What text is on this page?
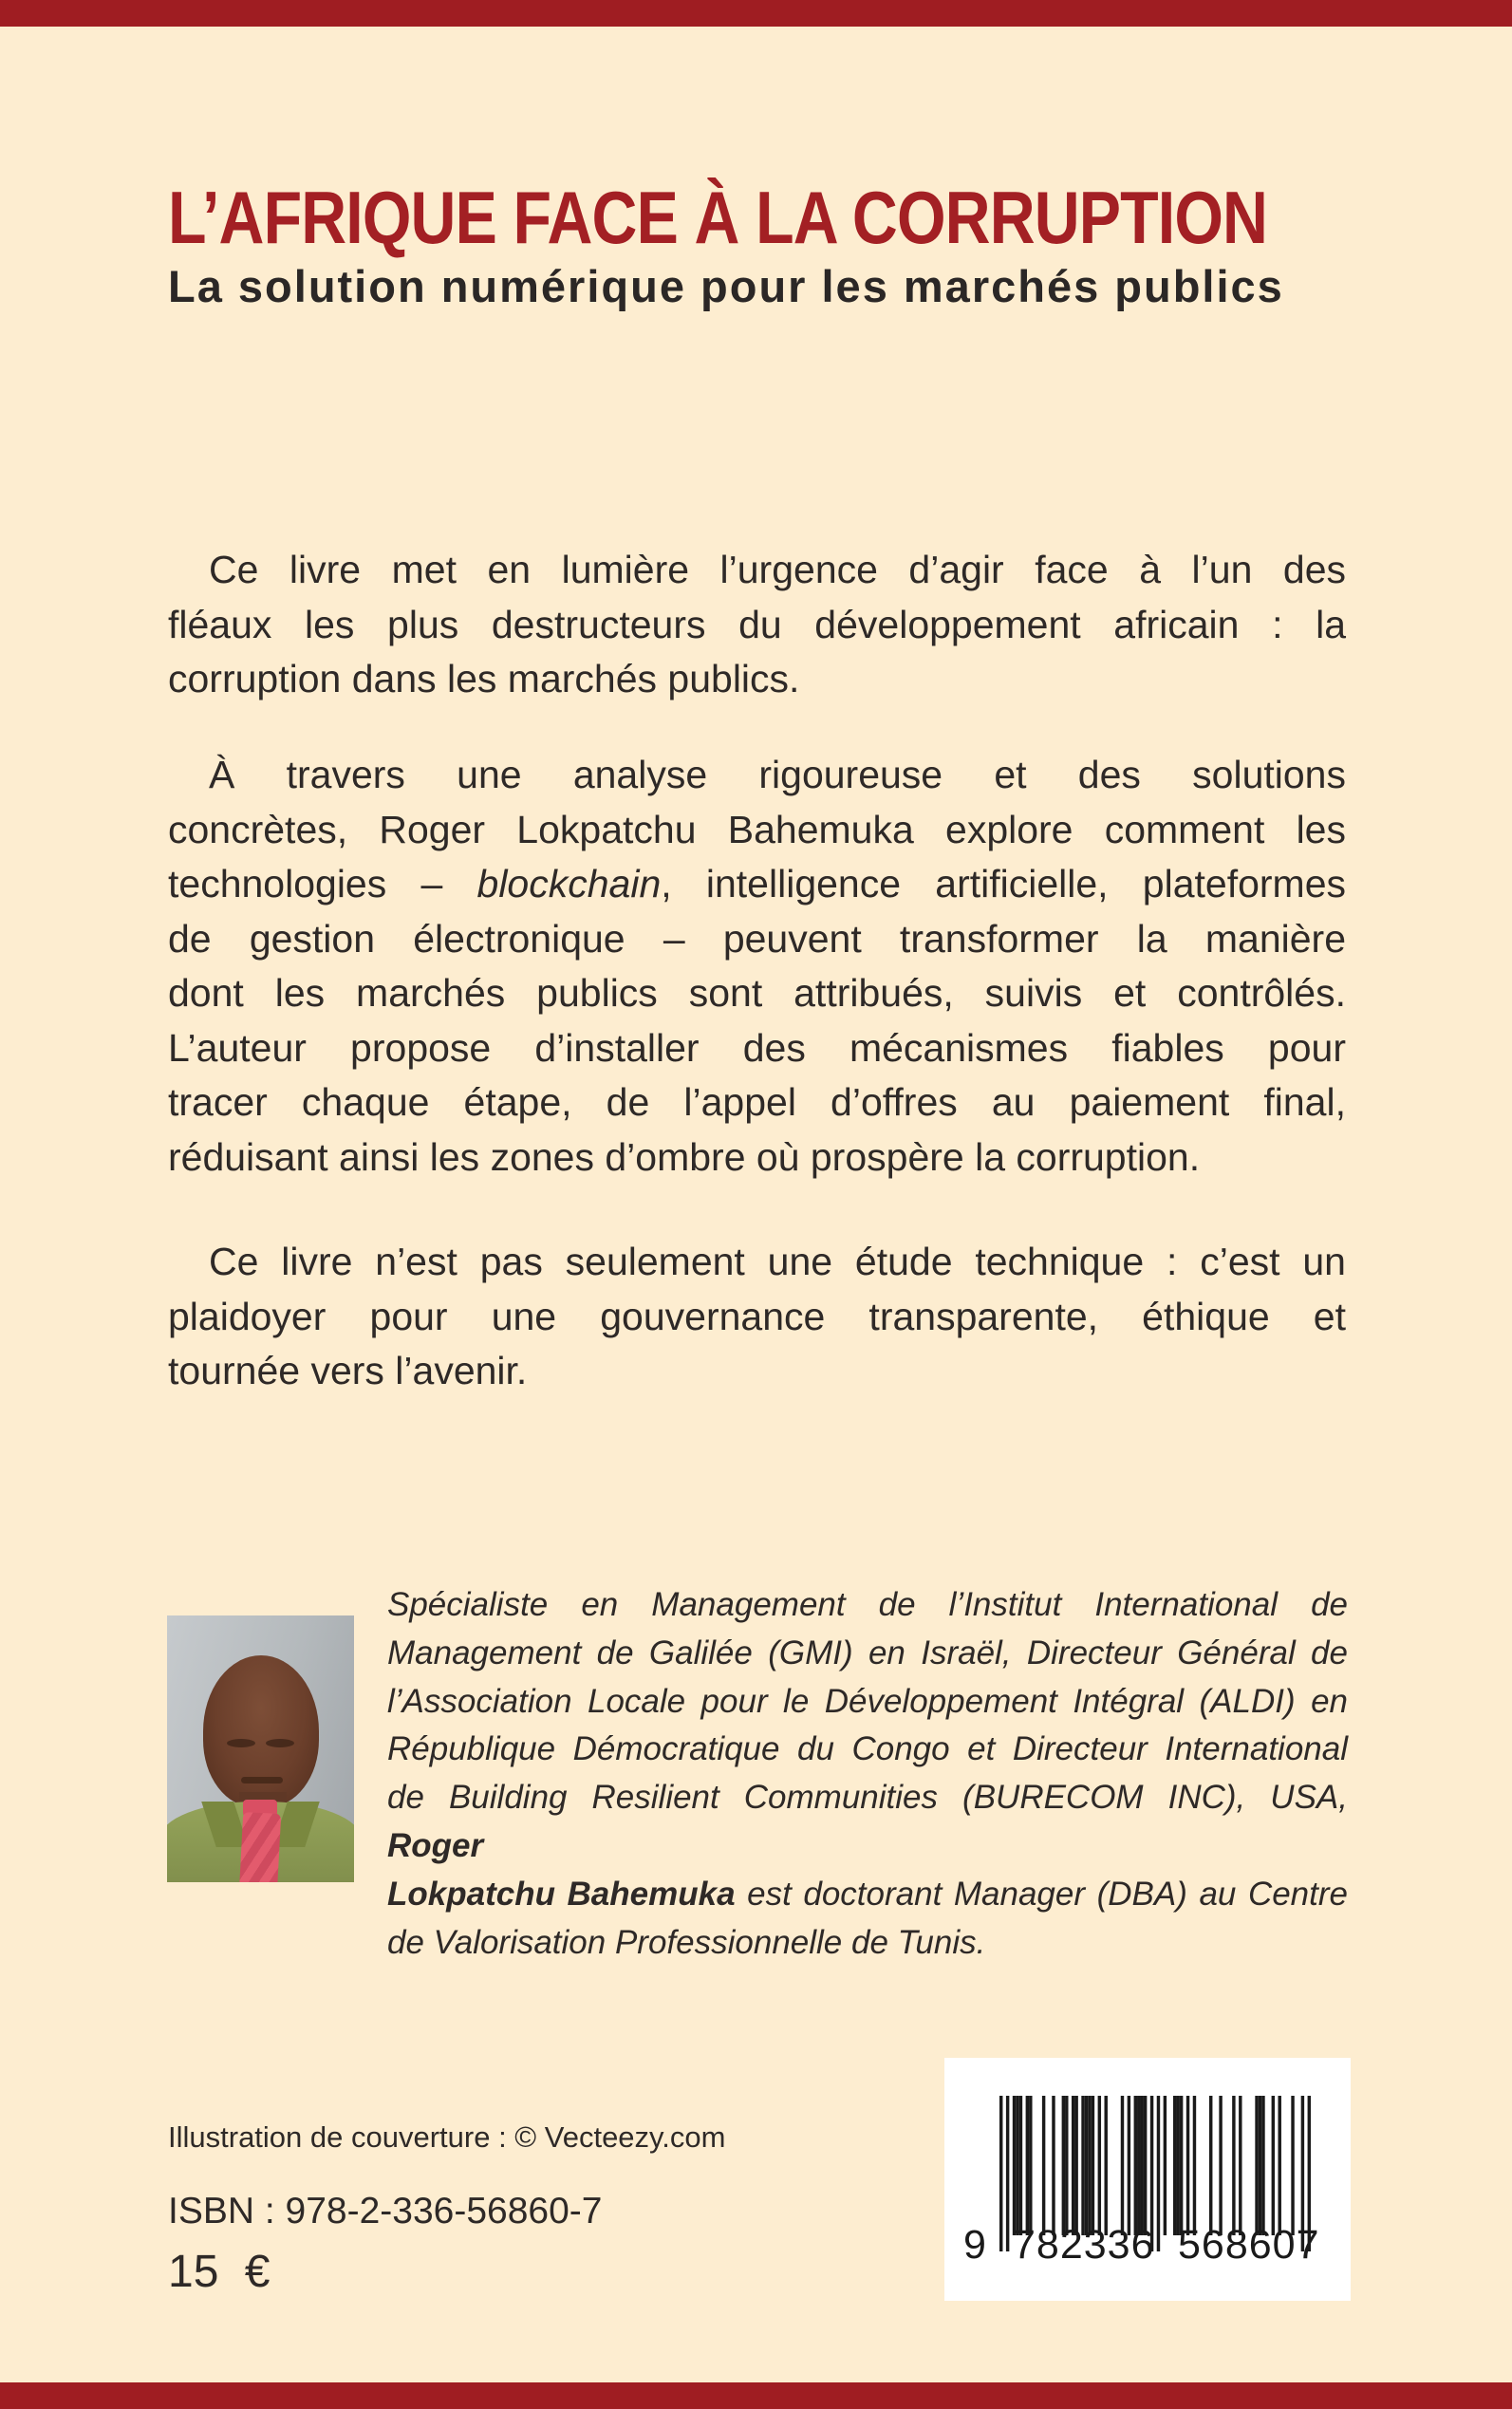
L’AFRIQUE FACE À LA CORRUPTION
La solution numérique pour les marchés publics
Ce livre met en lumière l’urgence d’agir face à l’un des
fléaux les plus destructeurs du développement africain : la
corruption dans les marchés publics.
À travers une analyse rigoureuse et des solutions
concrètes, Roger Lokpatchu Bahemuka explore comment les
technologies – blockchain, intelligence artificielle, plateformes
de gestion électronique – peuvent transformer la manière
dont les marchés publics sont attribués, suivis et contrôlés.
L’auteur propose d’installer des mécanismes fiables pour
tracer chaque étape, de l’appel d’offres au paiement final,
réduisant ainsi les zones d’ombre où prospère la corruption.
Ce livre n’est pas seulement une étude technique : c’est un
plaidoyer pour une gouvernance transparente, éthique et
tournée vers l’avenir.
Spécialiste en Management de l’Institut International de
Management de Galilée (GMI) en Israël, Directeur Général de
l’Association Locale pour le Développement Intégral (ALDI) en
République Démocratique du Congo et Directeur International
de Building Resilient Communities (BURECOM INC), USA, Roger
Lokpatchu Bahemuka est doctorant Manager (DBA) au Centre
de Valorisation Professionnelle de Tunis.
Illustration de couverture : © Vecteezy.com
ISBN : 978-2-336-56860-7
15 €
9 782336 568607
